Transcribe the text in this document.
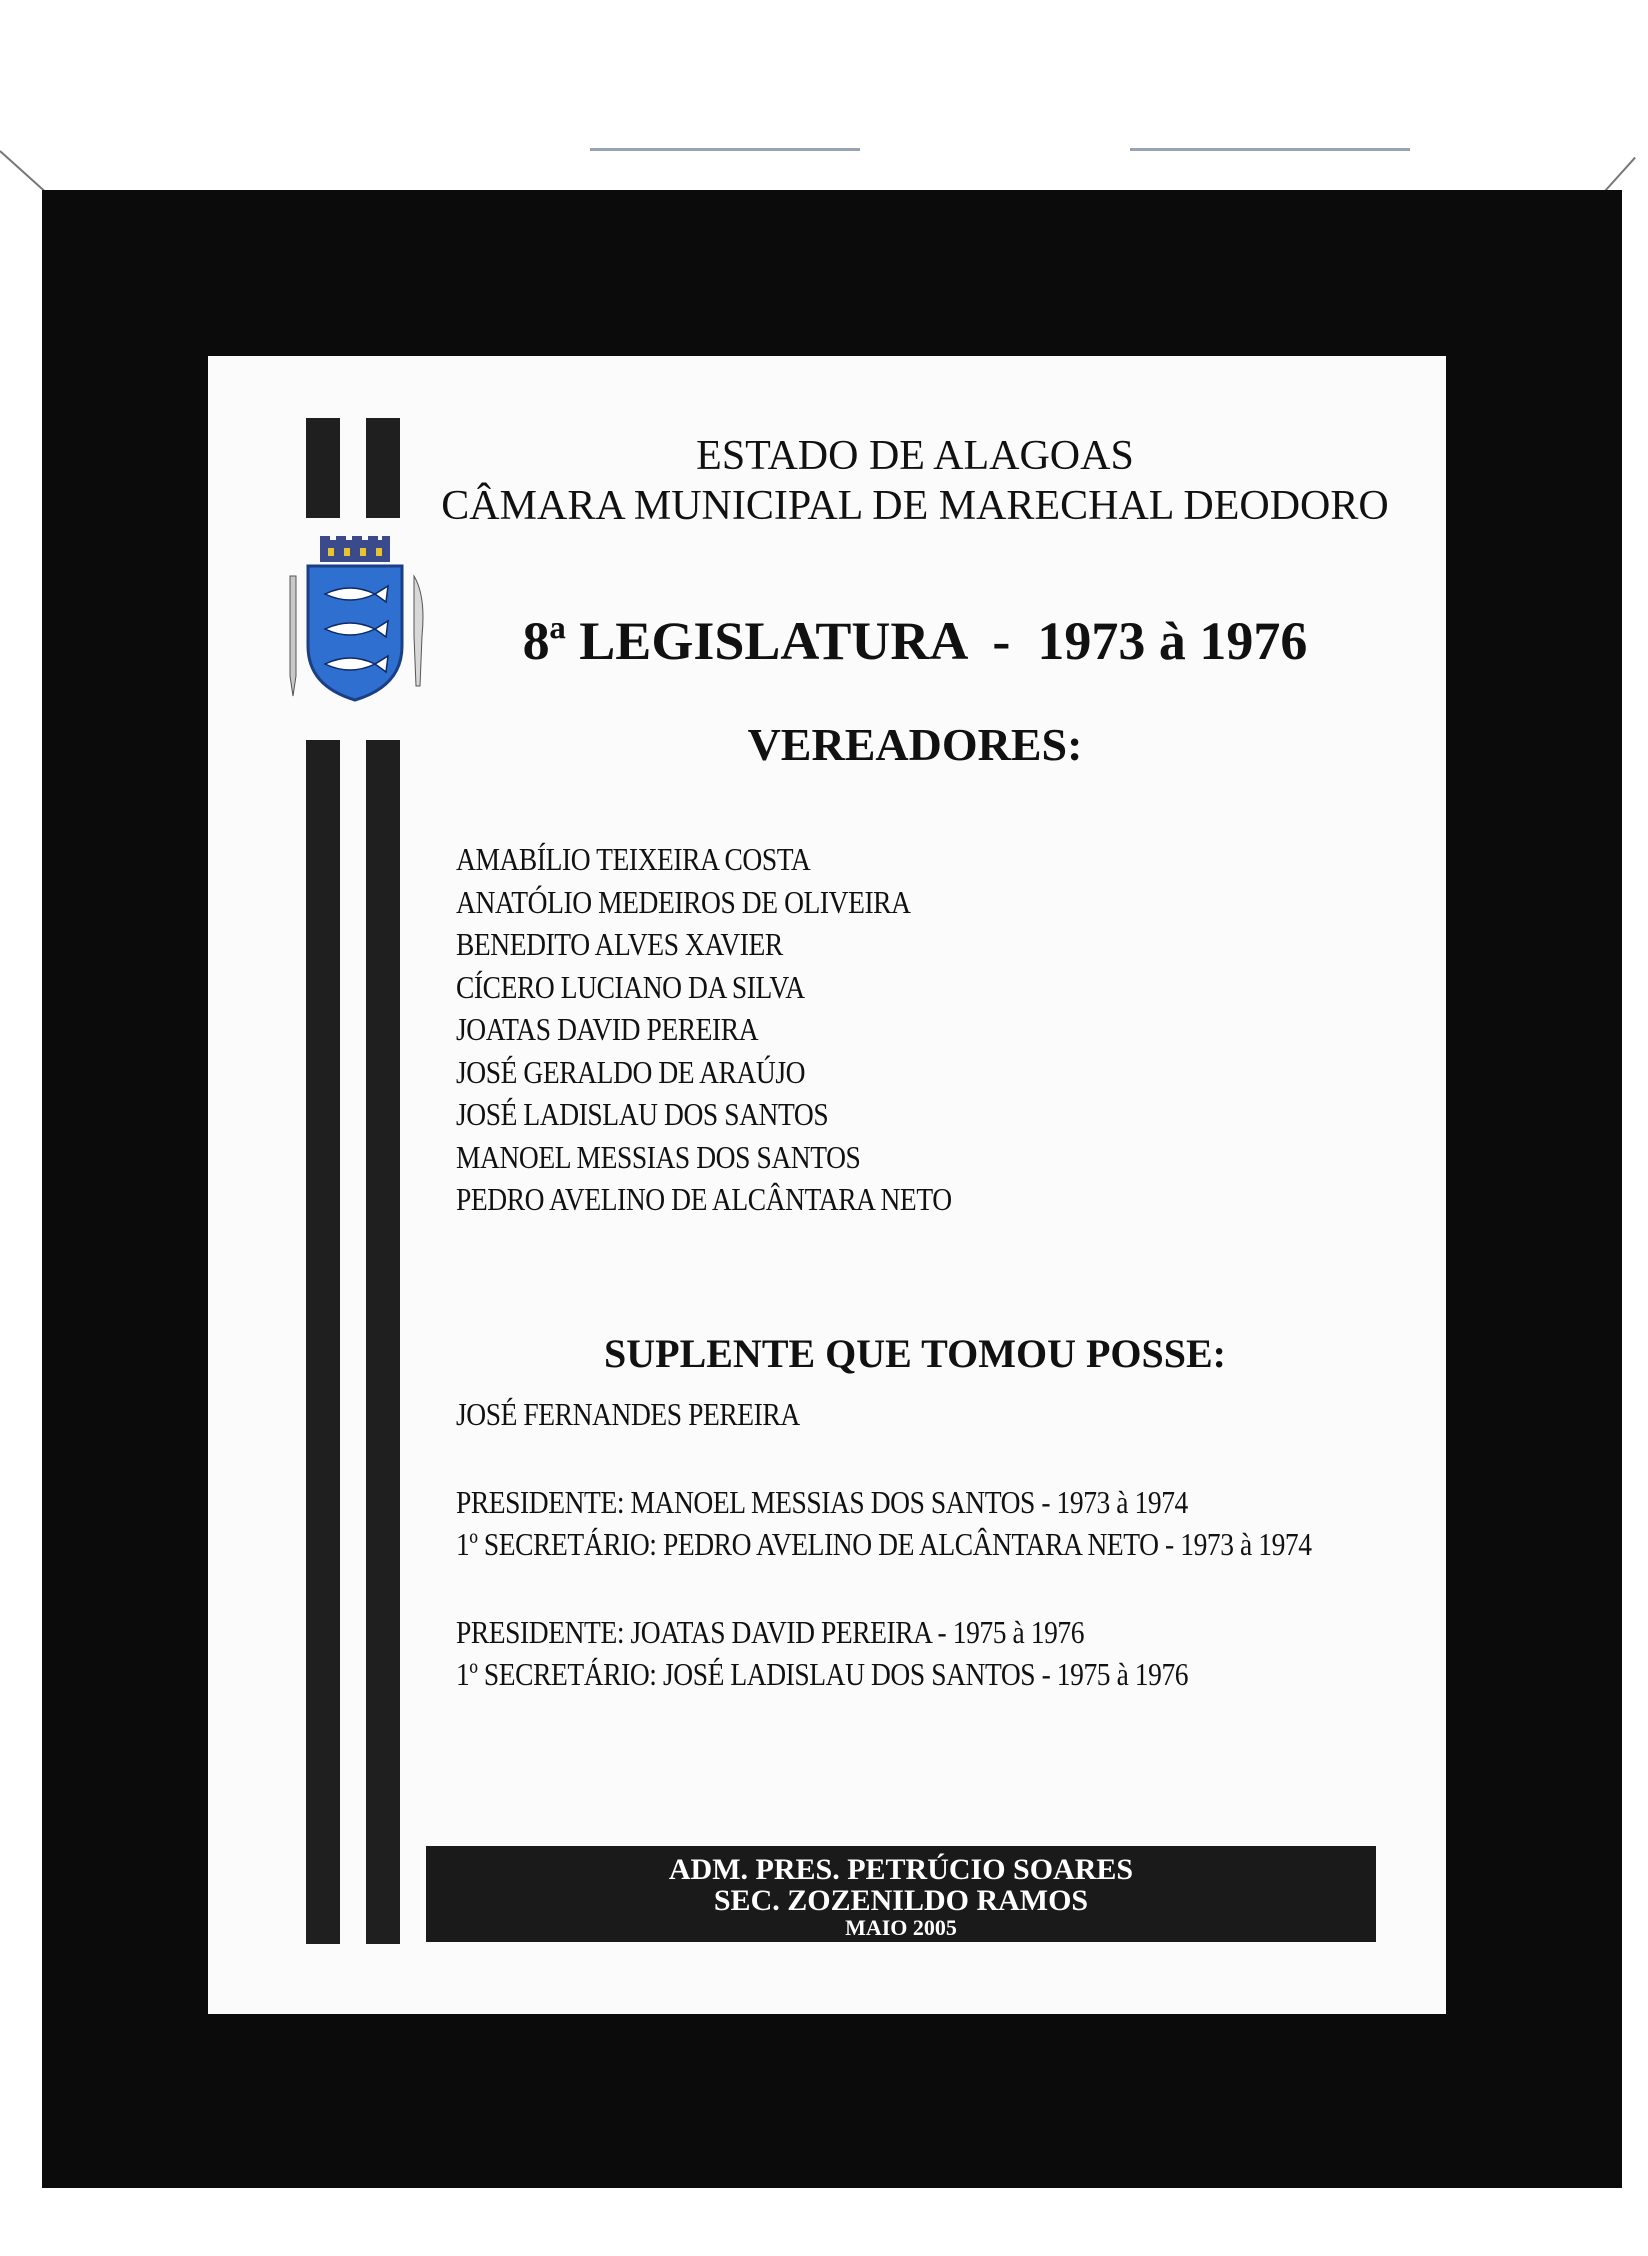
ESTADO DE ALAGOAS
CÂMARA MUNICIPAL DE MARECHAL DEODORO
8ª LEGISLATURA  -  1973 à 1976
VEREADORES:
SUPLENTE QUE TOMOU POSSE:
AMABÍLIO TEIXEIRA COSTA
ANATÓLIO MEDEIROS DE OLIVEIRA
BENEDITO ALVES XAVIER
CÍCERO LUCIANO DA SILVA
JOATAS DAVID PEREIRA
JOSÉ GERALDO DE ARAÚJO
JOSÉ LADISLAU DOS SANTOS
MANOEL MESSIAS DOS SANTOS
PEDRO AVELINO DE ALCÂNTARA NETO
JOSÉ FERNANDES PEREIRA
PRESIDENTE: MANOEL MESSIAS DOS SANTOS - 1973 à 1974
1º SECRETÁRIO: PEDRO AVELINO DE ALCÂNTARA NETO - 1973 à 1974
PRESIDENTE: JOATAS DAVID PEREIRA - 1975 à 1976
1º SECRETÁRIO: JOSÉ LADISLAU DOS SANTOS - 1975 à 1976
ADM. PRES. PETRÚCIO SOARES
SEC. ZOZENILDO RAMOS
MAIO 2005
